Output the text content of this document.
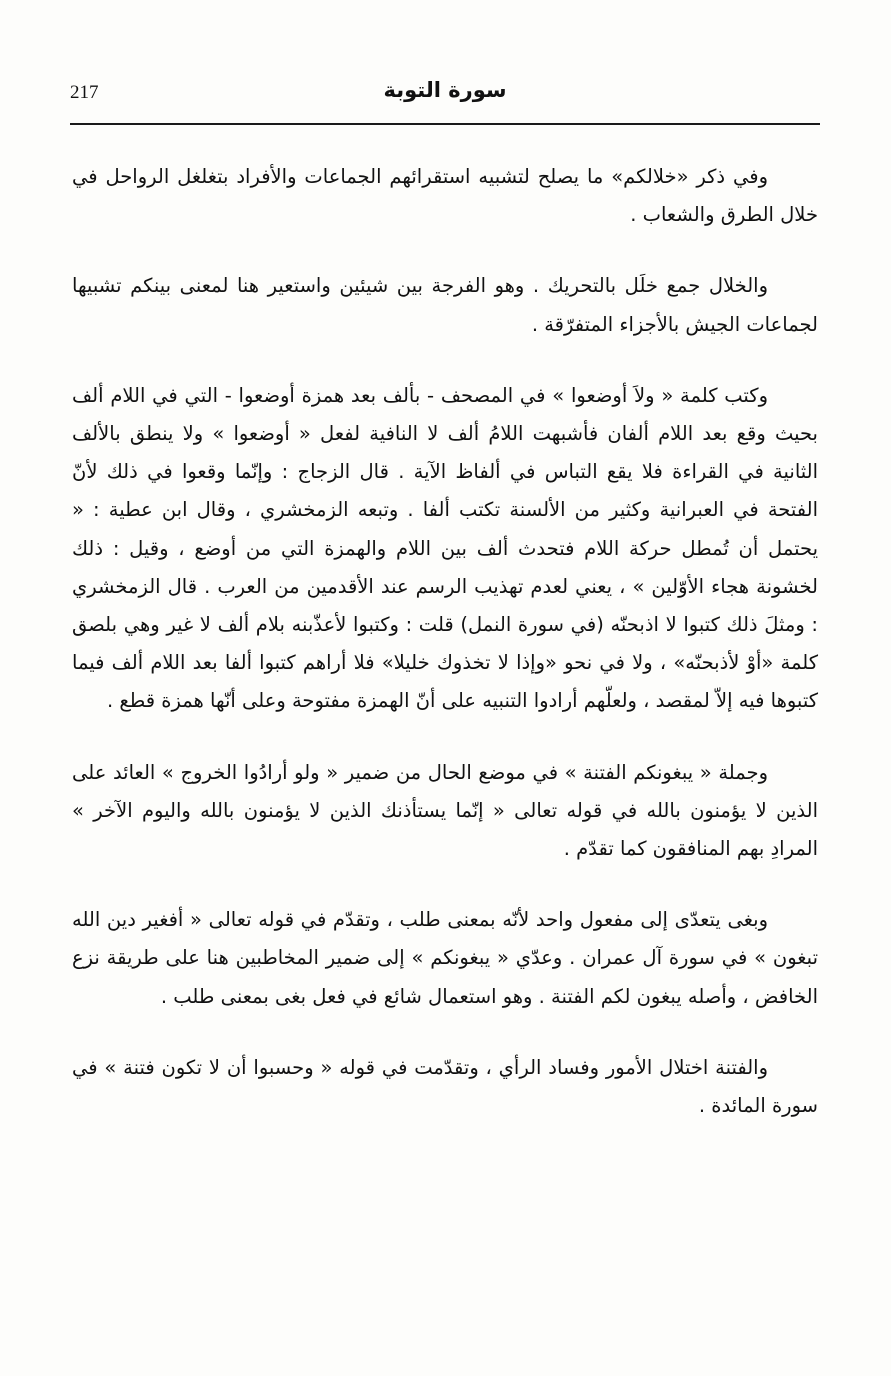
217	سورة التوبة

وفي ذكر «خلالكم» ما يصلح لتشبيه استقرائهم الجماعات والأفراد بتغلغل الرواحل في خلال الطرق والشعاب .

والخلال جمع خلَل بالتحريك . وهو الفرجة بين شيئين واستعير هنا لمعنى بينكم تشبيها لجماعات الجيش بالأجزاء المتفرّقة .

وكتب كلمة « ولاَ أوضعوا » في المصحف - بألف بعد همزة أوضعوا - التي في اللام ألف بحيث وقع بعد اللام ألفان فأشبهت اللامُ ألف لا النافية لفعل « أوضعوا » ولا ينطق بالألف الثانية في القراءة فلا يقع التباس في ألفاظ الآية . قال الزجاج : وإنّما وقعوا في ذلك لأنّ الفتحة في العبرانية وكثير من الألسنة تكتب ألفا . وتبعه الزمخشري ، وقال ابن عطية : « يحتمل أن تُمطل حركة اللام فتحدث ألف بين اللام والهمزة التي من أوضع ، وقيل : ذلك لخشونة هجاء الأوّلين » ، يعني لعدم تهذيب الرسم عند الأقدمين من العرب . قال الزمخشري : ومثلَ ذلك كتبوا لا اذبحنّه (في سورة النمل) قلت : وكتبوا لأعذّبنه بلام ألف لا غير وهي بلصق كلمة «أوْ لأذبحنّه» ، ولا في نحو «وإذا لا تخذوك خليلا» فلا أراهم كتبوا ألفا بعد اللام ألف فيما كتبوها فيه إلاّ لمقصد ، ولعلّهم أرادوا التنبيه على أنّ الهمزة مفتوحة وعلى أنّها همزة قطع .

وجملة « يبغونكم الفتنة » في موضع الحال من ضمير « ولو أرادُوا الخروج » العائد على الذين لا يؤمنون بالله في قوله تعالى « إنّما يستأذنك الذين لا يؤمنون بالله واليوم الآخر » المرادِ بهم المنافقون كما تقدّم .

وبغى يتعدّى إلى مفعول واحد لأنّه بمعنى طلب ، وتقدّم في قوله تعالى « أفغير دين الله تبغون » في سورة آل عمران . وعدّي « يبغونكم » إلى ضمير المخاطبين هنا على طريقة نزع الخافض ، وأصله يبغون لكم الفتنة . وهو استعمال شائع في فعل بغى بمعنى طلب .

والفتنة اختلال الأمور وفساد الرأي ، وتقدّمت في قوله « وحسبوا أن لا تكون فتنة » في سورة المائدة .
